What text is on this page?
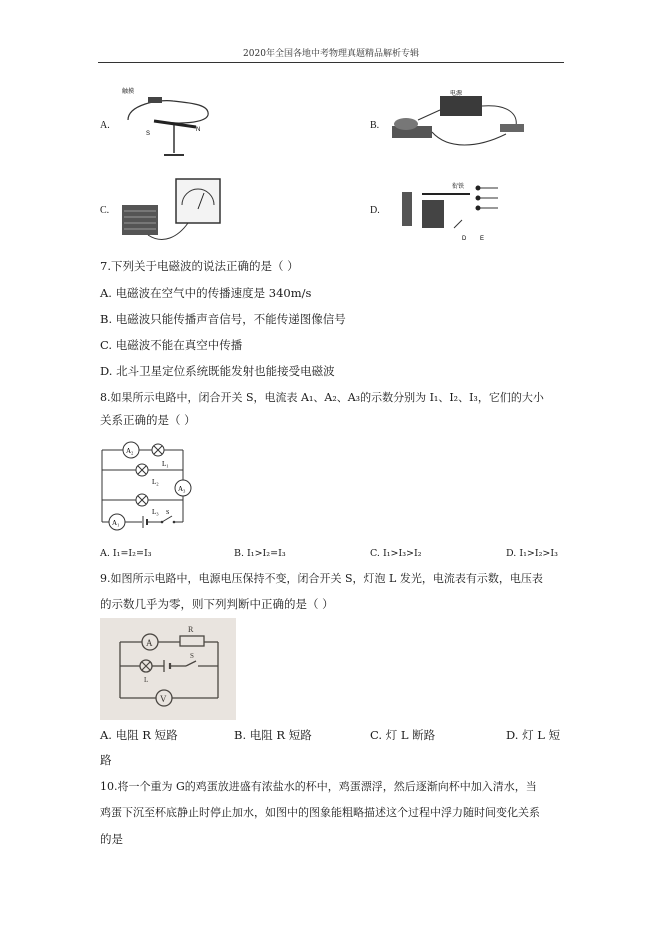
2020年全国各地中考物理真题精品解析专辑
A.
触摸
S
N	B.
电源
C.	D.
衔铁
D E
7.下列关于电磁波的说法正确的是（ ）
A. 电磁波在空气中的传播速度是 340m/s
B. 电磁波只能传播声音信号，不能传递图像信号
C. 电磁波不能在真空中传播
D. 北斗卫星定位系统既能发射也能接受电磁波
8.如果所示电路中，闭合开关 S，电流表 A₁、A₂、A₃的示数分别为 I₁、I₂、I₃，它们的大小
关系正确的是（ ）
A₂
L₁
L₂
A₃
L₃
A₁
S
A. I₁=I₂=I₃	B. I₁>I₂=I₃	C. I₁>I₃>I₂	D. I₁>I₂>I₃
9.如图所示电路中，电源电压保持不变，闭合开关 S，灯泡 L 发光，电流表有示数，电压表
的示数几乎为零，则下列判断中正确的是（ ）
A
R
S
L
V
A. 电阻 R 短路	B. 电阻 R 短路	C. 灯 L 断路	D. 灯 L 短
路
10.将一个重为 G的鸡蛋放进盛有浓盐水的杯中，鸡蛋漂浮，然后逐渐向杯中加入清水，当
鸡蛋下沉至杯底静止时停止加水，如图中的图象能粗略描述这个过程中浮力随时间变化关系
的是
